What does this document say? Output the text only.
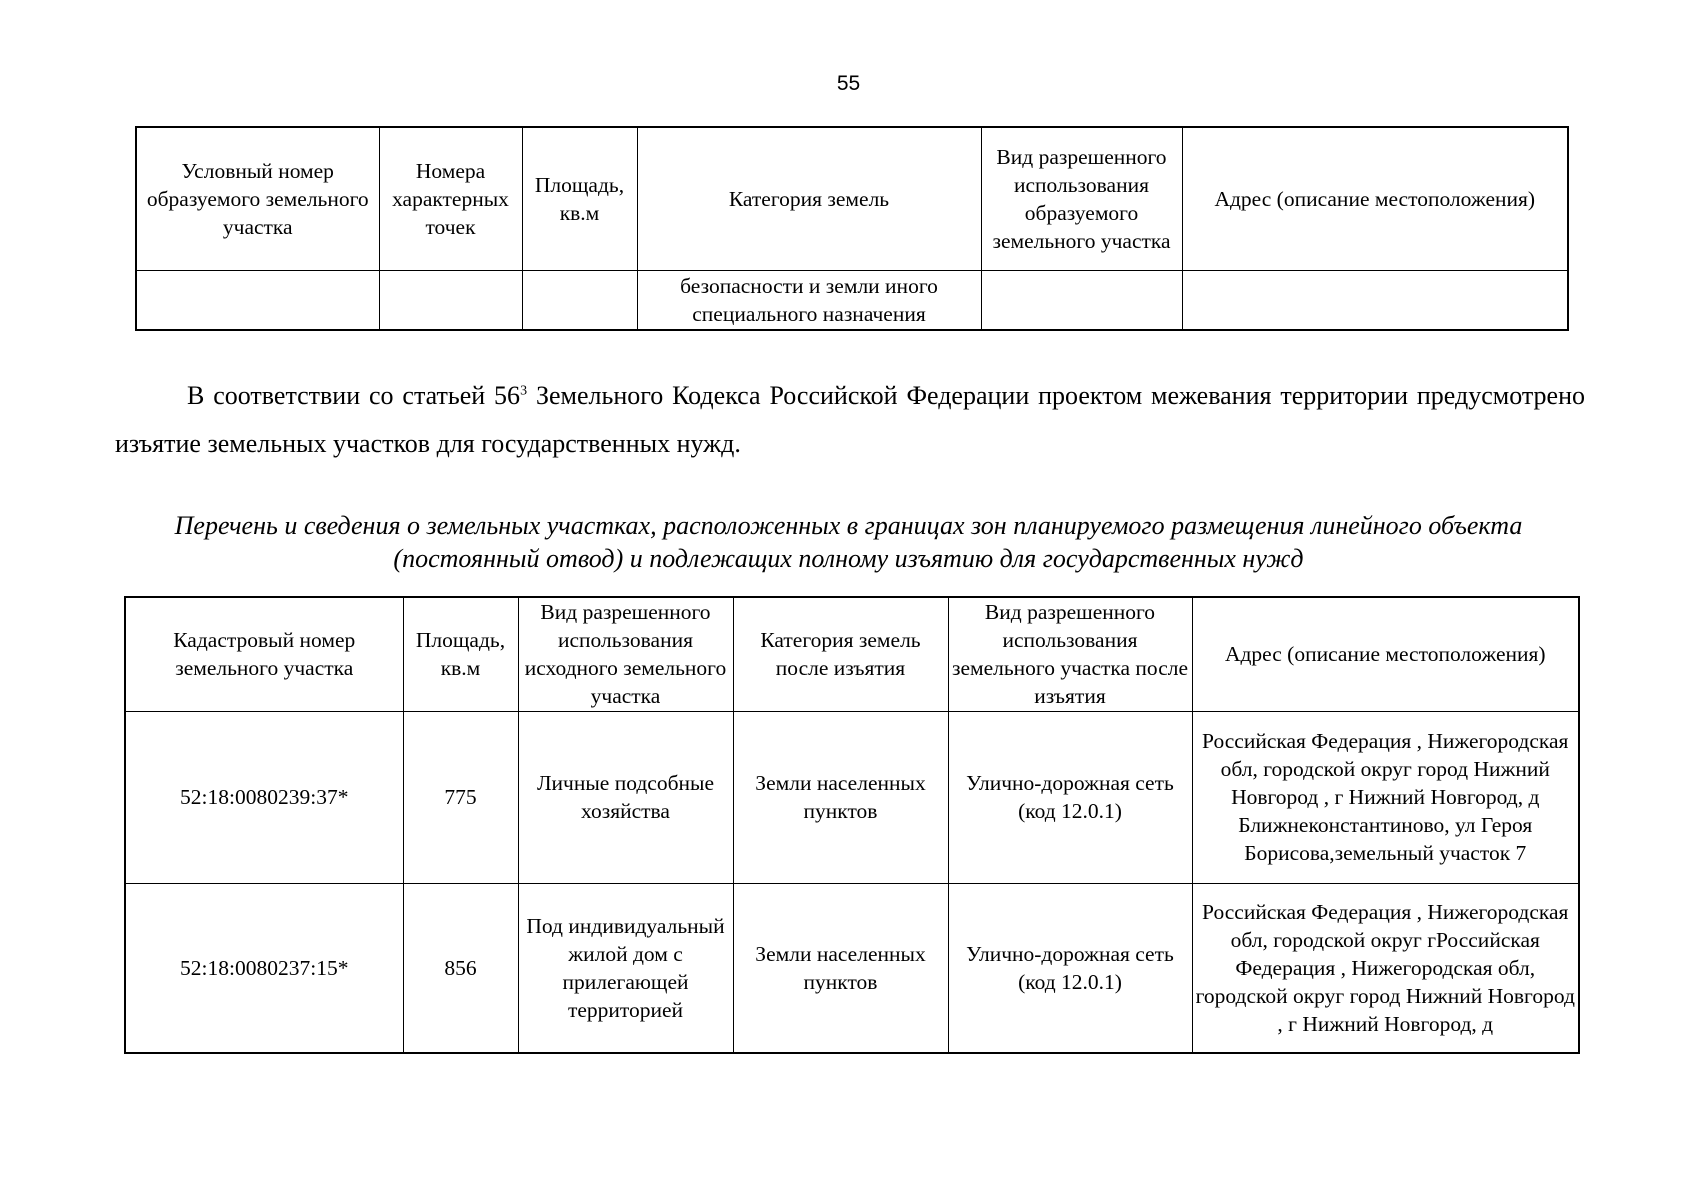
55
Условный номер образуемого земельного участка	Номера характерных точек	Площадь, кв.м	Категория земель	Вид разрешенного использования образуемого земельного участка	Адрес (описание местоположения)
			безопасности и земли иного специального назначения		
В соответствии со статьей $56^3$ Земельного Кодекса Российской Федерации проектом межевания территории предусмотрено изъятие земельных участков для государственных нужд.
Перечень и сведения о земельных участках, расположенных в границах зон планируемого размещения линейного объекта (постоянный отвод) и подлежащих полному изъятию для государственных нужд
Кадастровый номер земельного участка	Площадь, кв.м	Вид разрешенного использования исходного земельного участка	Категория земель после изъятия	Вид разрешенного использования земельного участка после изъятия	Адрес (описание местоположения)
52:18:0080239:37*	775	Личные подсобные хозяйства	Земли населенных пунктов	Улично-дорожная сеть (код 12.0.1)	Российская Федерация , Нижегородская обл, городской округ город Нижний Новгород , г Нижний Новгород, д Ближнеконстантиново, ул Героя Борисова,земельный участок 7
52:18:0080237:15*	856	Под индивидуальный жилой дом с прилегающей территорией	Земли населенных пунктов	Улично-дорожная сеть (код 12.0.1)	Российская Федерация , Нижегородская обл, городской округ гРоссийская Федерация , Нижегородская обл, городской округ город Нижний Новгород , г Нижний Новгород, д
